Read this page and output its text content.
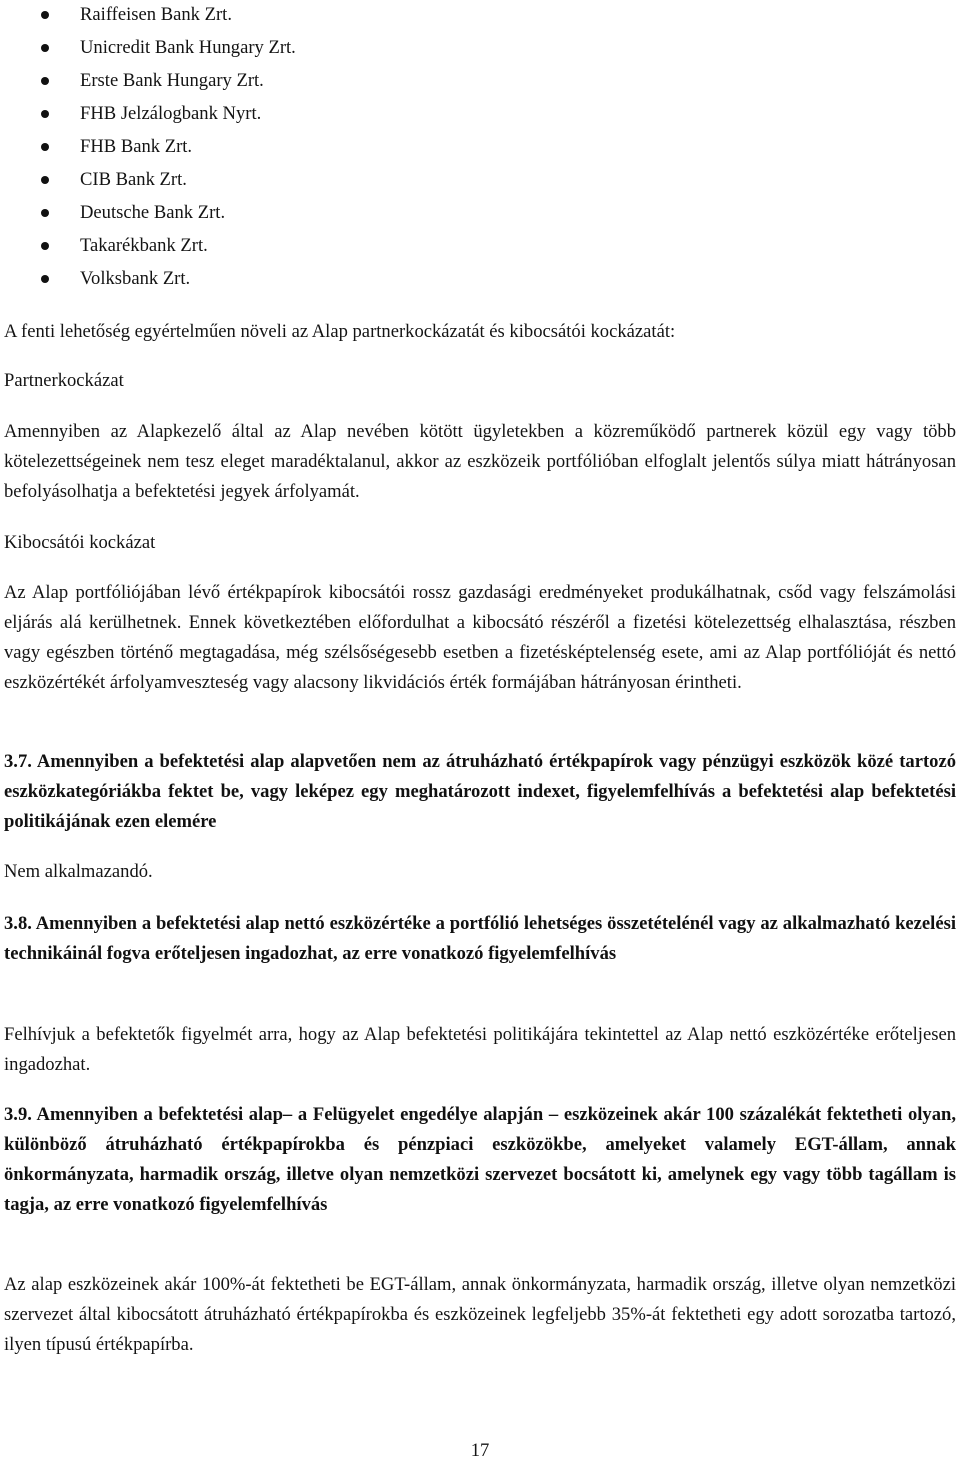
Raiffeisen Bank Zrt.
Unicredit Bank Hungary Zrt.
Erste Bank Hungary Zrt.
FHB Jelzálogbank Nyrt.
FHB Bank Zrt.
CIB Bank Zrt.
Deutsche Bank Zrt.
Takarékbank Zrt.
Volksbank Zrt.

A fenti lehetőség egyértelműen növeli az Alap partnerkockázatát és kibocsátói kockázatát:

Partnerkockázat

Amennyiben az Alapkezelő által az Alap nevében kötött ügyletekben a közreműködő partnerek közül egy vagy több kötelezettségeinek nem tesz eleget maradéktalanul, akkor az eszközeik portfólióban elfoglalt jelentős súlya miatt hátrányosan befolyásolhatja a befektetési jegyek árfolyamát.

Kibocsátói kockázat

Az Alap portfóliójában lévő értékpapírok kibocsátói rossz gazdasági eredményeket produkálhatnak, csőd vagy felszámolási eljárás alá kerülhetnek. Ennek következtében előfordulhat a kibocsátó részéről a fizetési kötelezettség elhalasztása, részben vagy egészben történő megtagadása, még szélsőségesebb esetben a fizetésképtelenség esete, ami az Alap portfólióját és nettó eszközértékét árfolyamveszteség vagy alacsony likvidációs érték formájában hátrányosan érintheti.

3.7. Amennyiben a befektetési alap alapvetően nem az átruházható értékpapírok vagy pénzügyi eszközök közé tartozó eszközkategóriákba fektet be, vagy leképez egy meghatározott indexet, figyelemfelhívás a befektetési alap befektetési politikájának ezen elemére

Nem alkalmazandó.

3.8. Amennyiben a befektetési alap nettó eszközértéke a portfólió lehetséges összetételénél vagy az alkalmazható kezelési technikáinál fogva erőteljesen ingadozhat, az erre vonatkozó figyelemfelhívás

Felhívjuk a befektetők figyelmét arra, hogy az Alap befektetési politikájára tekintettel az Alap nettó eszközértéke erőteljesen ingadozhat.

3.9. Amennyiben a befektetési alap– a Felügyelet engedélye alapján – eszközeinek akár 100 százalékát fektetheti olyan, különböző átruházható értékpapírokba és pénzpiaci eszközökbe, amelyeket valamely EGT-állam, annak önkormányzata, harmadik ország, illetve olyan nemzetközi szervezet bocsátott ki, amelynek egy vagy több tagállam is tagja, az erre vonatkozó figyelemfelhívás

Az alap eszközeinek akár 100%-át fektetheti be EGT-állam, annak önkormányzata, harmadik ország, illetve olyan nemzetközi szervezet által kibocsátott átruházható értékpapírokba és eszközeinek legfeljebb 35%-át fektetheti egy adott sorozatba tartozó, ilyen típusú értékpapírba.

17
